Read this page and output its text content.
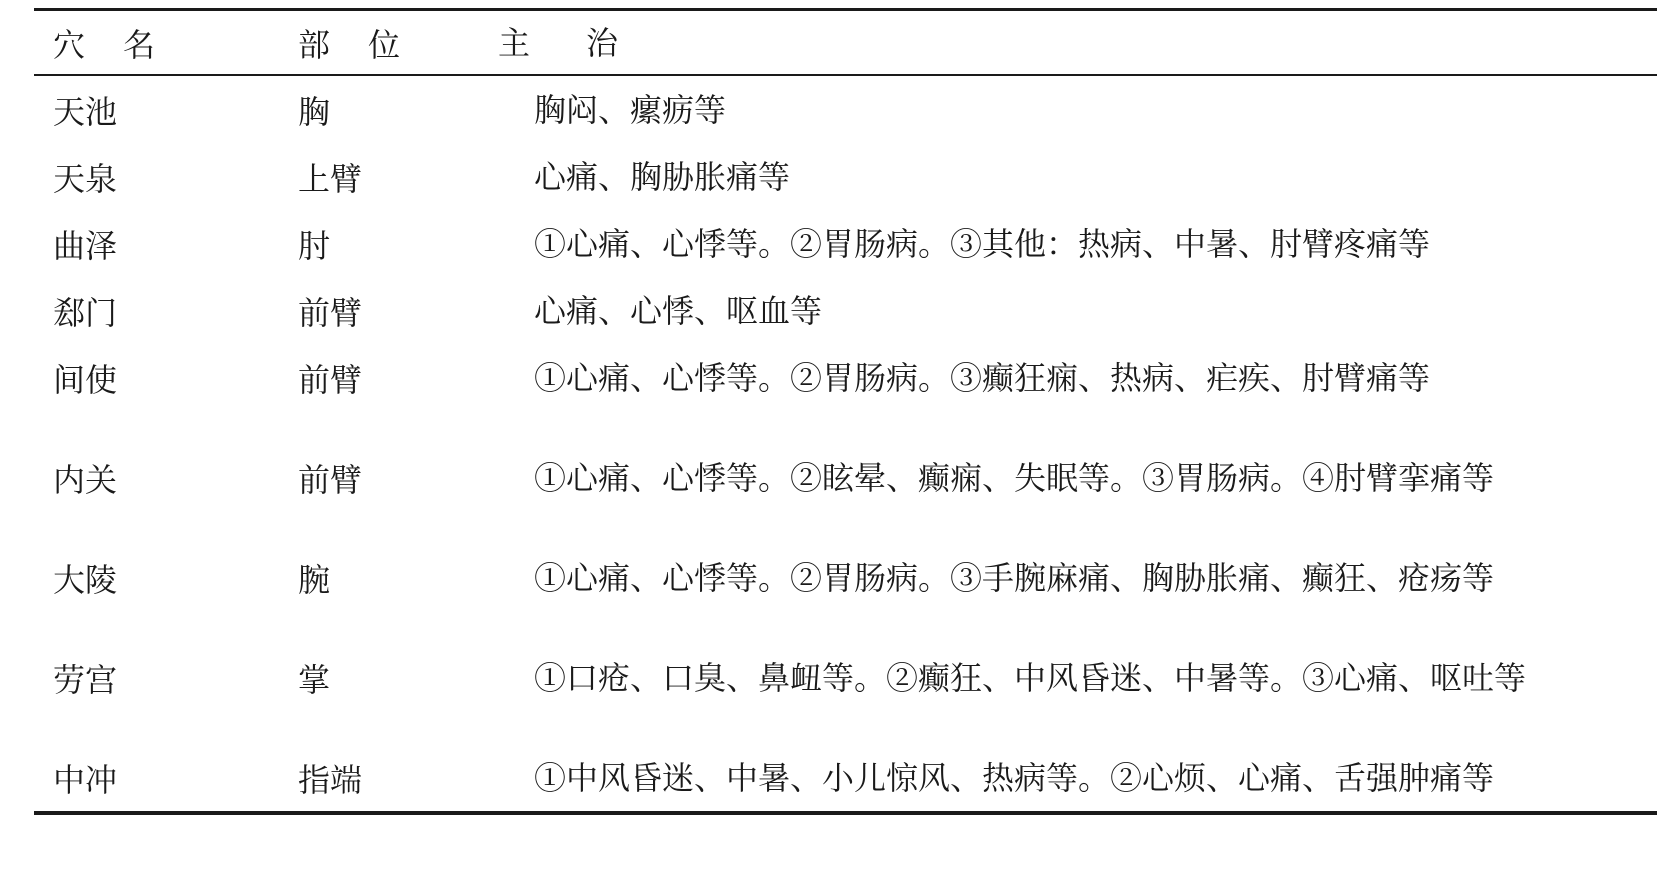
穴名	部位	主治
天池	胸	胸闷、瘰疬等
天泉	上臂	心痛、胸胁胀痛等
曲泽	肘	①心痛、心悸等。②胃肠病。③其他：热病、中暑、肘臂疼痛等
郄门	前臂	心痛、心悸、呕血等
间使	前臂	①心痛、心悸等。②胃肠病。③癫狂痫、热病、疟疾、肘臂痛等
内关	前臂	①心痛、心悸等。②眩晕、癫痫、失眠等。③胃肠病。④肘臂挛痛等
大陵	腕	①心痛、心悸等。②胃肠病。③手腕麻痛、胸胁胀痛、癫狂、疮疡等
劳宫	掌	①口疮、口臭、鼻衄等。②癫狂、中风昏迷、中暑等。③心痛、呕吐等
中冲	指端	①中风昏迷、中暑、小儿惊风、热病等。②心烦、心痛、舌强肿痛等
